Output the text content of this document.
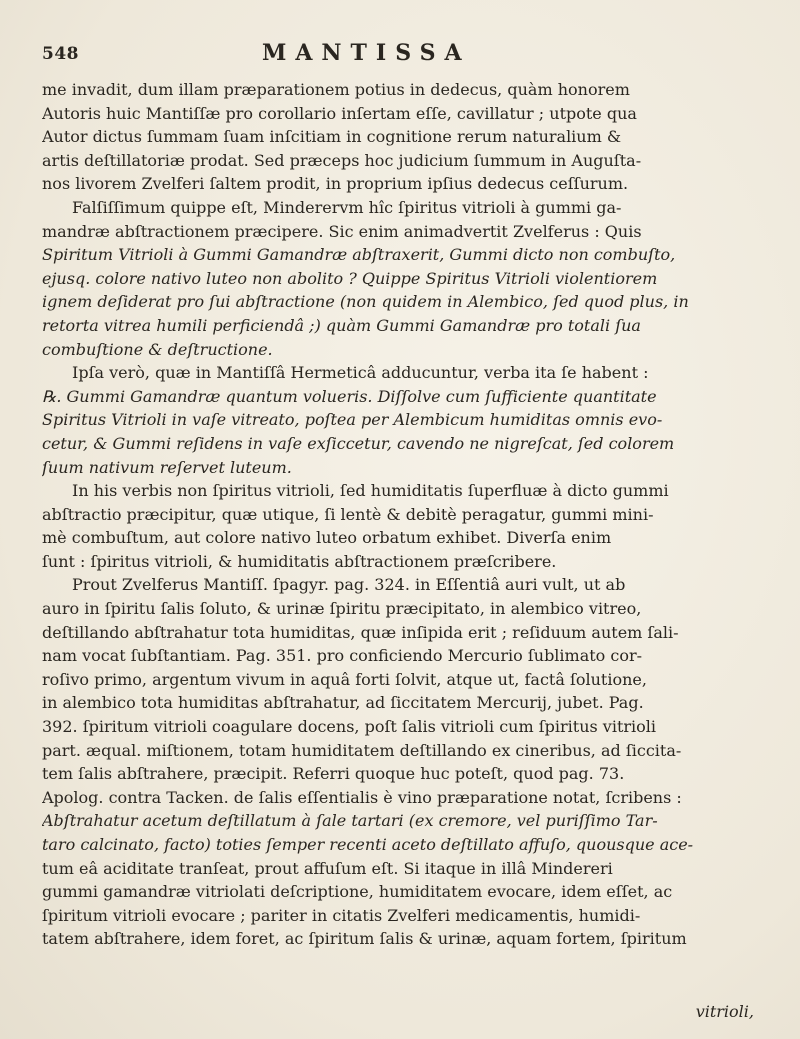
548	MANTISSA
me invadit, dum illam præparationem potius in dedecus, quàm honorem
Autoris huic Mantiſſæ pro corollario inſertam eſſe, cavillatur ; utpote qua
Autor dictus ſummam ſuam inſcitiam in cognitione rerum naturalium &
artis deſtillatoriæ prodat. Sed præceps hoc judicium ſummum in Auguſta-
nos livorem Zvelferi ſaltem prodit, in proprium ipſius dedecus ceſſurum.
Falſiſſimum quippe eſt, Minderervm hîc ſpiritus vitrioli à gummi ga-
mandræ abſtractionem præcipere. Sic enim animadvertit Zvelferus : Quis
Spiritum Vitrioli à Gummi Gamandræ abſtraxerit, Gummi dicto non combuſto,
ejusq. colore nativo luteo non abolito ? Quippe Spiritus Vitrioli violentiorem
ignem deſiderat pro ſui abſtractione (non quidem in Alembico, ſed quod plus, in
retorta vitrea humili perficiendâ ;) quàm Gummi Gamandræ pro totali ſua
combuſtione & deſtructione.
Ipſa verò, quæ in Mantiſſâ Hermeticâ adducuntur, verba ita ſe habent :
℞. Gummi Gamandræ quantum volueris. Diſſolve cum ſufficiente quantitate
Spiritus Vitrioli in vaſe vitreato, poſtea per Alembicum humiditas omnis evo-
cetur, & Gummi reſidens in vaſe exſiccetur, cavendo ne nigreſcat, ſed colorem
ſuum nativum reſervet luteum.
In his verbis non ſpiritus vitrioli, ſed humiditatis ſuperfluæ à dicto gummi
abſtractio præcipitur, quæ utique, ſi lentè & debitè peragatur, gummi mini-
mè combuſtum, aut colore nativo luteo orbatum exhibet. Diverſa enim
ſunt : ſpiritus vitrioli, & humiditatis abſtractionem præſcribere.
Prout Zvelferus Mantiſſ. ſpagyr. pag. 324. in Eſſentiâ auri vult, ut ab
auro in ſpiritu ſalis ſoluto, & urinæ ſpiritu præcipitato, in alembico vitreo,
deſtillando abſtrahatur tota humiditas, quæ inſipida erit ; reſiduum autem ſali-
nam vocat ſubſtantiam. Pag. 351. pro conficiendo Mercurio ſublimato cor-
roſivo primo, argentum vivum in aquâ forti ſolvit, atque ut, factâ ſolutione,
in alembico tota humiditas abſtrahatur, ad ſiccitatem Mercurij, jubet. Pag.
392. ſpiritum vitrioli coagulare docens, poſt ſalis vitrioli cum ſpiritus vitrioli
part. æqual. miſtionem, totam humiditatem deſtillando ex cineribus, ad ſiccita-
tem ſalis abſtrahere, præcipit. Referri quoque huc poteſt, quod pag. 73.
Apolog. contra Tacken. de ſalis eſſentialis è vino præparatione notat, ſcribens :
Abſtrahatur acetum deſtillatum à ſale tartari (ex cremore, vel puriſſimo Tar-
taro calcinato, facto) toties ſemper recenti aceto deſtillato affuſo, quousque ace-
tum eâ aciditate tranſeat, prout affuſum eſt. Si itaque in illâ Mindereri
gummi gamandræ vitriolati deſcriptione, humiditatem evocare, idem eſſet, ac
ſpiritum vitrioli evocare ; pariter in citatis Zvelferi medicamentis, humidi-
tatem abſtrahere, idem foret, ac ſpiritum ſalis & urinæ, aquam fortem, ſpiritum
vitrioli,
